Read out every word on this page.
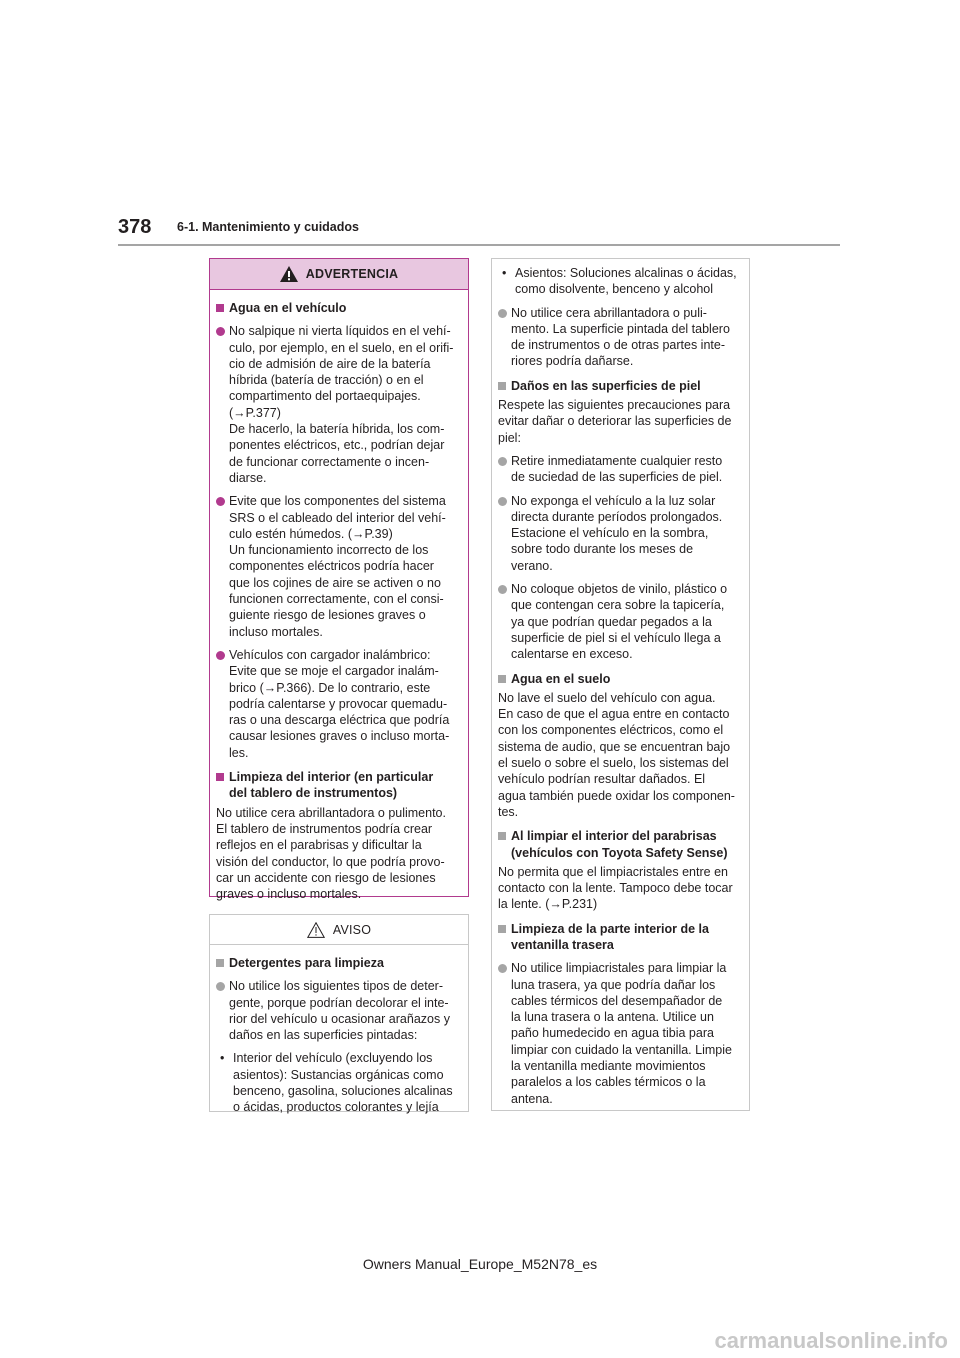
378 6-1. Mantenimiento y cuidados
ADVERTENCIA
Agua en el vehículo
No salpique ni vierta líquidos en el vehí-
culo, por ejemplo, en el suelo, en el orifi-
cio de admisión de aire de la batería
híbrida (batería de tracción) o en el
compartimento del portaequipajes.
(→P.377)
De hacerlo, la batería híbrida, los com-
ponentes eléctricos, etc., podrían dejar
de funcionar correctamente o incen-
diarse.
Evite que los componentes del sistema
SRS o el cableado del interior del vehí-
culo estén húmedos. (→P.39)
Un funcionamiento incorrecto de los
componentes eléctricos podría hacer
que los cojines de aire se activen o no
funcionen correctamente, con el consi-
guiente riesgo de lesiones graves o
incluso mortales.
Vehículos con cargador inalámbrico:
Evite que se moje el cargador inalám-
brico (→P.366). De lo contrario, este
podría calentarse y provocar quemadu-
ras o una descarga eléctrica que podría
causar lesiones graves o incluso morta-
les.
Limpieza del interior (en particular
del tablero de instrumentos)
No utilice cera abrillantadora o pulimento.
El tablero de instrumentos podría crear
reflejos en el parabrisas y dificultar la
visión del conductor, lo que podría provo-
car un accidente con riesgo de lesiones
graves o incluso mortales.
AVISO
Detergentes para limpieza
No utilice los siguientes tipos de deter-
gente, porque podrían decolorar el inte-
rior del vehículo u ocasionar arañazos y
daños en las superficies pintadas:
• Interior del vehículo (excluyendo los
asientos): Sustancias orgánicas como
benceno, gasolina, soluciones alcalinas
o ácidas, productos colorantes y lejía
• Asientos: Soluciones alcalinas o ácidas,
como disolvente, benceno y alcohol
No utilice cera abrillantadora o puli-
mento. La superficie pintada del tablero
de instrumentos o de otras partes inte-
riores podría dañarse.
Daños en las superficies de piel
Respete las siguientes precauciones para
evitar dañar o deteriorar las superficies de
piel:
Retire inmediatamente cualquier resto
de suciedad de las superficies de piel.
No exponga el vehículo a la luz solar
directa durante períodos prolongados.
Estacione el vehículo en la sombra,
sobre todo durante los meses de
verano.
No coloque objetos de vinilo, plástico o
que contengan cera sobre la tapicería,
ya que podrían quedar pegados a la
superficie de piel si el vehículo llega a
calentarse en exceso.
Agua en el suelo
No lave el suelo del vehículo con agua.
En caso de que el agua entre en contacto
con los componentes eléctricos, como el
sistema de audio, que se encuentran bajo
el suelo o sobre el suelo, los sistemas del
vehículo podrían resultar dañados. El
agua también puede oxidar los componen-
tes.
Al limpiar el interior del parabrisas
(vehículos con Toyota Safety Sense)
No permita que el limpiacristales entre en
contacto con la lente. Tampoco debe tocar
la lente. (→P.231)
Limpieza de la parte interior de la
ventanilla trasera
No utilice limpiacristales para limpiar la
luna trasera, ya que podría dañar los
cables térmicos del desempañador de
la luna trasera o la antena. Utilice un
paño humedecido en agua tibia para
limpiar con cuidado la ventanilla. Limpie
la ventanilla mediante movimientos
paralelos a los cables térmicos o la
antena.
Owners Manual_Europe_M52N78_es
carmanualsonline.info
